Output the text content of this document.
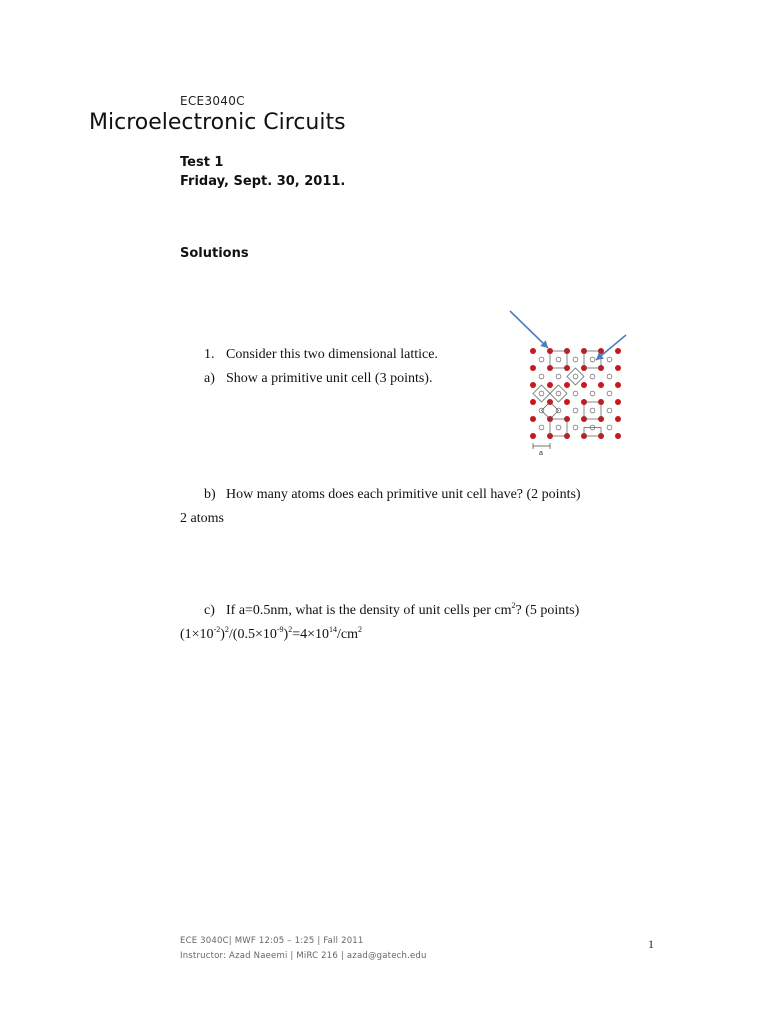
ECE3040C
Microelectronic Circuits
Test 1
Friday, Sept. 30, 2011.
Solutions
1. Consider this two dimensional lattice.
a) Show a primitive unit cell (3 points).
b) How many atoms does each primitive unit cell have? (2 points)
2 atoms
c) If a=0.5nm, what is the density of unit cells per $cm^2$? (5 points)
$(1\times 10^{-2})^2/(0.5\times 10^{-9})^2=4\times 10^{14}/cm^2$
a
ECE 3040C| MWF 12:05 – 1:25 | Fall 2011
Instructor: Azad Naeemi | MiRC 216 | azad@gatech.edu
1
